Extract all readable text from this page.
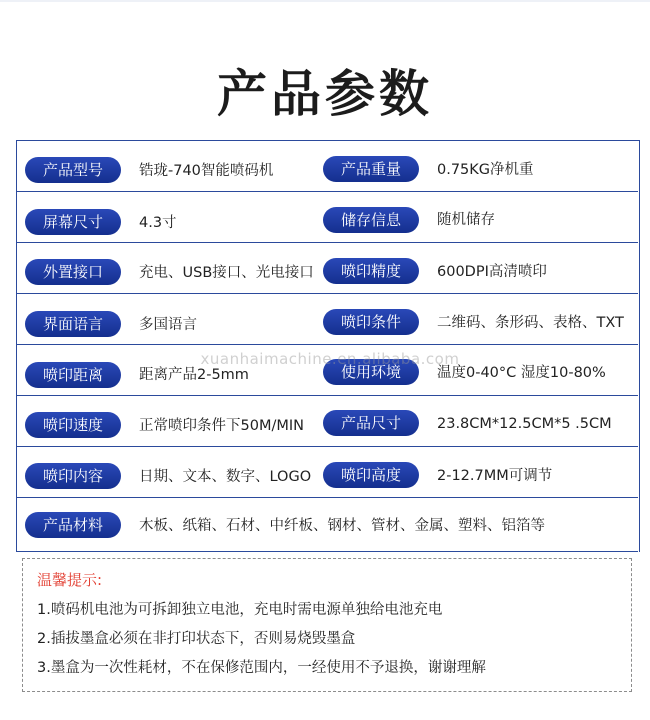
产品参数
产品型号	锆珑-740智能喷码机	产品重量	0.75KG净机重
屏幕尺寸	4.3寸	储存信息	随机储存
外置接口	充电、USB接口、光电接口	喷印精度	600DPI高清喷印
界面语言	多国语言	喷印条件	二维码、条形码、表格、TXT
喷印距离	距离产品2-5mm	使用环境	温度0-40°C 湿度10-80%
喷印速度	正常喷印条件下50M/MIN	产品尺寸	23.8CM*12.5CM*5 .5CM
喷印内容	日期、文本、数字、LOGO	喷印高度	2-12.7MM可调节
产品材料	木板、纸箱、石材、中纤板、钢材、管材、金属、塑料、铝箔等
xuanhaimachine.en.alibaba.com
温馨提示:
1.喷码机电池为可拆卸独立电池，充电时需电源单独给电池充电
2.插拔墨盒必须在非打印状态下，否则易烧毁墨盒
3.墨盒为一次性耗材，不在保修范围内，一经使用不予退换，谢谢理解
